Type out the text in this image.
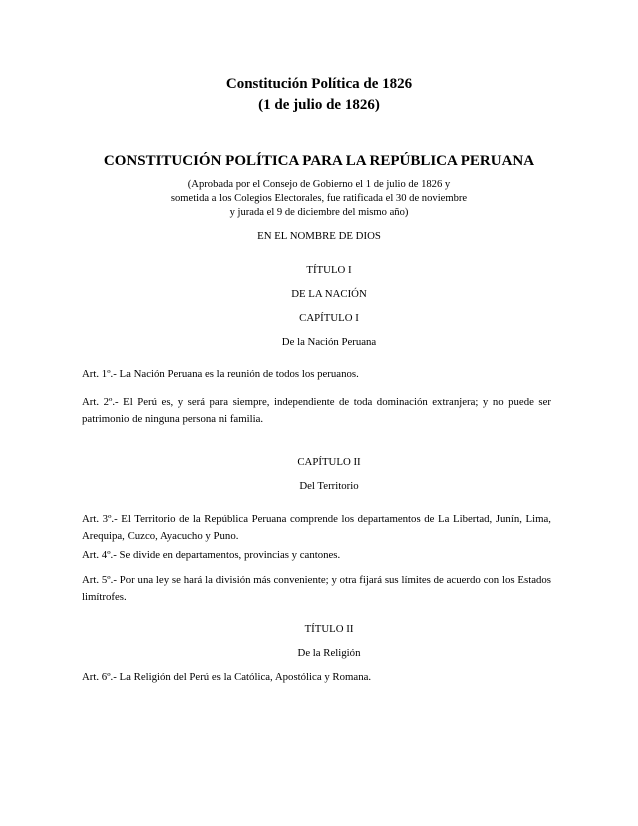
Constitución Política de 1826
(1 de julio de 1826)
CONSTITUCIÓN POLÍTICA PARA LA REPÚBLICA PERUANA
(Aprobada por el Consejo de Gobierno el 1 de julio de 1826 y
sometida a los Colegios Electorales, fue ratificada el 30 de noviembre
y jurada el 9 de diciembre del mismo año)
EN EL NOMBRE DE DIOS
TÍTULO I
DE LA NACIÓN
CAPÍTULO I
De la Nación Peruana
Art. 1º.- La Nación Peruana es la reunión de todos los peruanos.
Art. 2º.- El Perú es, y será para siempre, independiente de toda dominación extranjera; y no puede ser patrimonio de ninguna persona ni familia.
CAPÍTULO II
Del Territorio
Art. 3º.- El Territorio de la República Peruana comprende los departamentos de La Libertad, Junín, Lima, Arequipa, Cuzco, Ayacucho y Puno.
Art. 4º.- Se divide en departamentos, provincias y cantones.
Art. 5º.- Por una ley se hará la división más conveniente; y otra fijará sus límites de acuerdo con los Estados limítrofes.
TÍTULO II
De la Religión
Art. 6º.- La Religión del Perú es la Católica, Apostólica y Romana.
